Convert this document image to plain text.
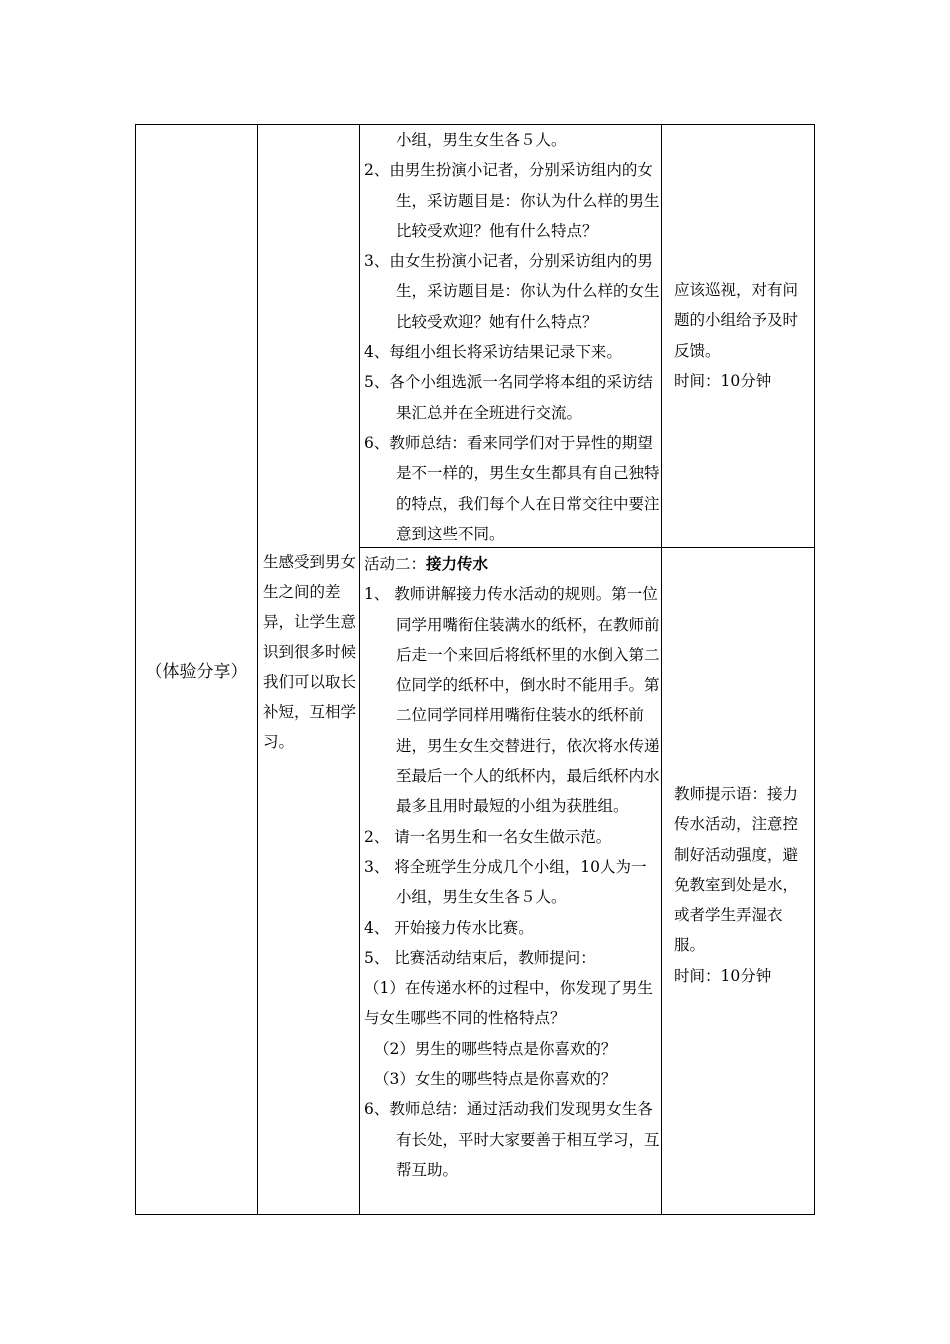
（体验分享）
生感受到男女生之间的差异，让学生意识到很多时候我们可以取长补短，互相学习。

小组，男生女生各５人。

2、由男生扮演小记者，分别采访组内的女生，采访题目是：你认为什么样的男生比较受欢迎？他有什么特点？

3、由女生扮演小记者，分别采访组内的男生，采访题目是：你认为什么样的女生比较受欢迎？她有什么特点？

4、每组小组长将采访结果记录下来。

5、各个小组选派一名同学将本组的采访结果汇总并在全班进行交流。

6、教师总结：看来同学们对于异性的期望是不一样的，男生女生都具有自己独特的特点，我们每个人在日常交往中要注意到这些不同。

应该巡视，对有问
题的小组给予及时
反馈。
时间：10分钟
活动二：接力传水

1、 教师讲解接力传水活动的规则。第一位同学用嘴衔住装满水的纸杯，在教师前后走一个来回后将纸杯里的水倒入第二位同学的纸杯中，倒水时不能用手。第二位同学同样用嘴衔住装水的纸杯前进，男生女生交替进行，依次将水传递至最后一个人的纸杯内，最后纸杯内水最多且用时最短的小组为获胜组。

2、 请一名男生和一名女生做示范。

3、 将全班学生分成几个小组，10人为一小组，男生女生各５人。

4、 开始接力传水比赛。

5、 比赛活动结束后，教师提问：

（1）在传递水杯的过程中，你发现了男生与女生哪些不同的性格特点？

（2）男生的哪些特点是你喜欢的？

（3）女生的哪些特点是你喜欢的？

6、教师总结：通过活动我们发现男女生各有长处，平时大家要善于相互学习，互帮互助。

教师提示语：接力
传水活动，注意控
制好活动强度，避
免教室到处是水，
或者学生弄湿衣
服。
时间：10分钟
